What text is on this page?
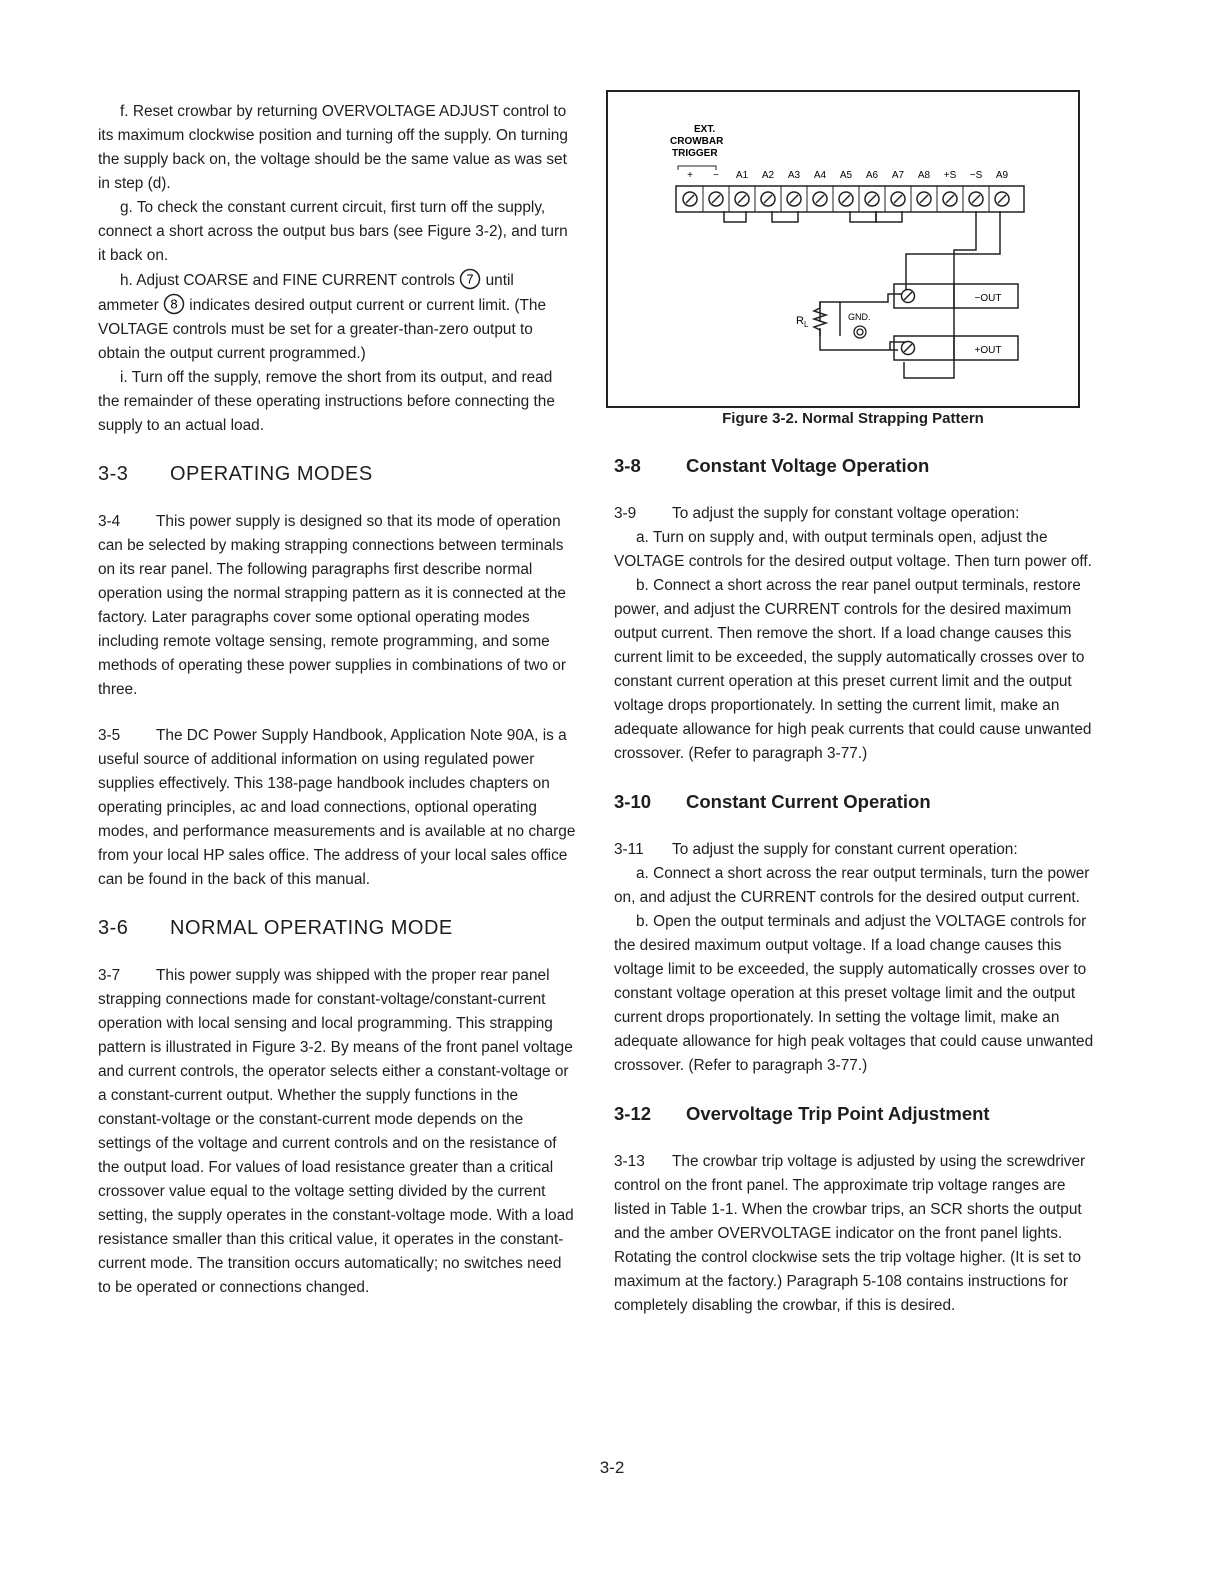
f. Reset crowbar by returning OVERVOLTAGE ADJUST control to its maximum clockwise position and turning off the supply. On turning the supply back on, the voltage should be the same value as was set in step (d).

g. To check the constant current circuit, first turn off the supply, connect a short across the output bus bars (see Figure 3-2), and turn it back on.

h. Adjust COARSE and FINE CURRENT controls 7 until ammeter 8 indicates desired output current or current limit. (The VOLTAGE controls must be set for a greater-than-zero output to obtain the output current programmed.)

i. Turn off the supply, remove the short from its output, and read the remainder of these operating instructions before connecting the supply to an actual load.

3-3 OPERATING MODES

3-4 This power supply is designed so that its mode of operation can be selected by making strapping connections between terminals on its rear panel. The following paragraphs first describe normal operation using the normal strapping pattern as it is connected at the factory. Later paragraphs cover some optional operating modes including remote voltage sensing, remote programming, and some methods of operating these power supplies in combinations of two or three.

3-5 The DC Power Supply Handbook, Application Note 90A, is a useful source of additional information on using regulated power supplies effectively. This 138-page handbook includes chapters on operating principles, ac and load connections, optional operating modes, and performance measurements and is available at no charge from your local HP sales office. The address of your local sales office can be found in the back of this manual.

3-6 NORMAL OPERATING MODE

3-7 This power supply was shipped with the proper rear panel strapping connections made for constant-voltage/constant-current operation with local sensing and local programming. This strapping pattern is illustrated in Figure 3-2. By means of the front panel voltage and current controls, the operator selects either a constant-voltage or a constant-current output. Whether the supply functions in the constant-voltage or the constant-current mode depends on the settings of the voltage and current controls and on the resistance of the output load. For values of load resistance greater than a critical crossover value equal to the voltage setting divided by the current setting, the supply operates in the constant-voltage mode. With a load resistance smaller than this critical value, it operates in the constant-current mode. The transition occurs automatically; no switches need to be operated or connections changed.

EXT.
CROWBAR
TRIGGER
+ − A1 A2 A3 A4 A5 A6 A7 A8 +S −S A9
$R_L$
GND.
−OUT
+OUT
Figure 3-2. Normal Strapping Pattern
3-8 Constant Voltage Operation

3-9 To adjust the supply for constant voltage operation:

a. Turn on supply and, with output terminals open, adjust the VOLTAGE controls for the desired output voltage. Then turn power off.

b. Connect a short across the rear panel output terminals, restore power, and adjust the CURRENT controls for the desired maximum output current. Then remove the short. If a load change causes this current limit to be exceeded, the supply automatically crosses over to constant current operation at this preset current limit and the output voltage drops proportionately. In setting the current limit, make an adequate allowance for high peak currents that could cause unwanted crossover. (Refer to paragraph 3-77.)

3-10 Constant Current Operation

3-11 To adjust the supply for constant current operation:

a. Connect a short across the rear output terminals, turn the power on, and adjust the CURRENT controls for the desired output current.

b. Open the output terminals and adjust the VOLTAGE controls for the desired maximum output voltage. If a load change causes this voltage limit to be exceeded, the supply automatically crosses over to constant voltage operation at this preset voltage limit and the output current drops proportionately. In setting the voltage limit, make an adequate allowance for high peak voltages that could cause unwanted crossover. (Refer to paragraph 3-77.)

3-12 Overvoltage Trip Point Adjustment

3-13 The crowbar trip voltage is adjusted by using the screwdriver control on the front panel. The approximate trip voltage ranges are listed in Table 1-1. When the crowbar trips, an SCR shorts the output and the amber OVERVOLTAGE indicator on the front panel lights. Rotating the control clockwise sets the trip voltage higher. (It is set to maximum at the factory.) Paragraph 5-108 contains instructions for completely disabling the crowbar, if this is desired.

3-2
